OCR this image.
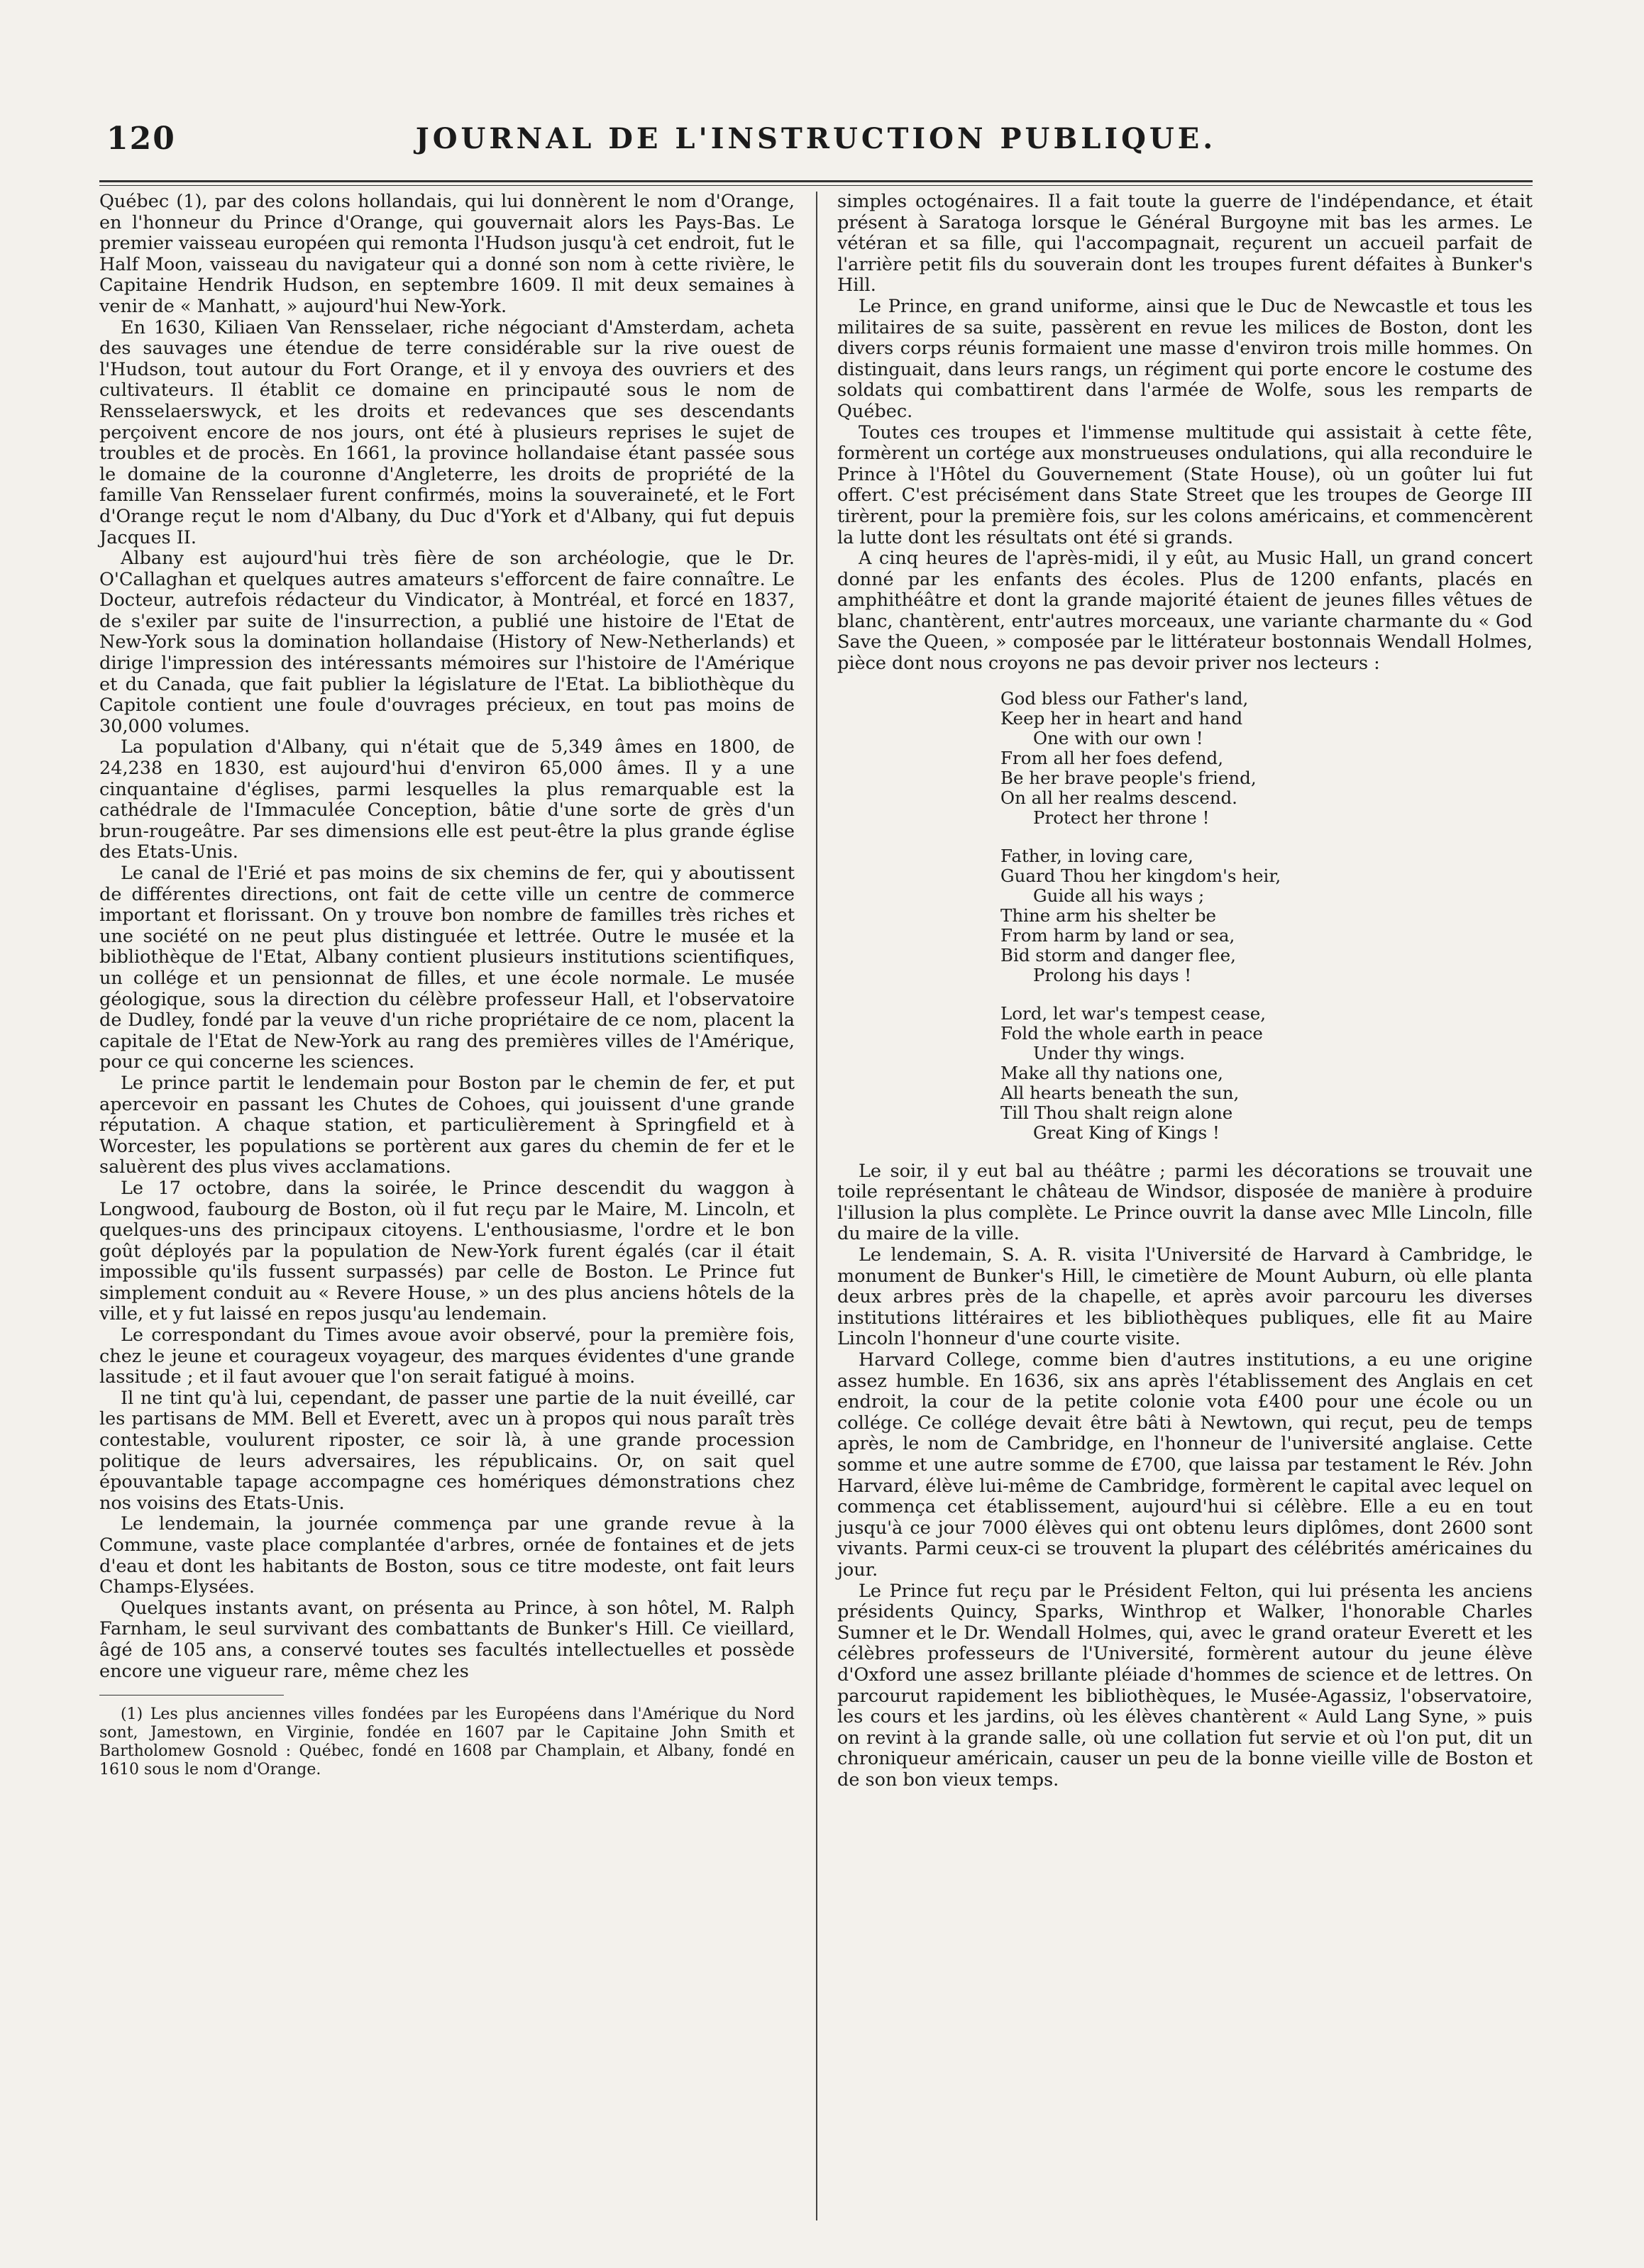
120	JOURNAL DE L'INSTRUCTION PUBLIQUE.

Québec (1), par des colons hollandais, qui lui donnèrent le nom d'Orange, en l'honneur du Prince d'Orange, qui gouvernait alors les Pays-Bas. Le premier vaisseau européen qui remonta l'Hudson jusqu'à cet endroit, fut le Half Moon, vaisseau du navigateur qui a donné son nom à cette rivière, le Capitaine Hendrik Hudson, en septembre 1609. Il mit deux semaines à venir de « Manhatt, » aujourd'hui New-York.

En 1630, Kiliaen Van Rensselaer, riche négociant d'Amsterdam, acheta des sauvages une étendue de terre considérable sur la rive ouest de l'Hudson, tout autour du Fort Orange, et il y envoya des ouvriers et des cultivateurs. Il établit ce domaine en principauté sous le nom de Rensselaerswyck, et les droits et redevances que ses descendants perçoivent encore de nos jours, ont été à plusieurs reprises le sujet de troubles et de procès. En 1661, la province hollandaise étant passée sous le domaine de la couronne d'Angleterre, les droits de propriété de la famille Van Rensselaer furent confirmés, moins la souveraineté, et le Fort d'Orange reçut le nom d'Albany, du Duc d'York et d'Albany, qui fut depuis Jacques II.

Albany est aujourd'hui très fière de son archéologie, que le Dr. O'Callaghan et quelques autres amateurs s'efforcent de faire connaître. Le Docteur, autrefois rédacteur du Vindicator, à Montréal, et forcé en 1837, de s'exiler par suite de l'insurrection, a publié une histoire de l'Etat de New-York sous la domination hollandaise (History of New-Netherlands) et dirige l'impression des intéressants mémoires sur l'histoire de l'Amérique et du Canada, que fait publier la législature de l'Etat. La bibliothèque du Capitole contient une foule d'ouvrages précieux, en tout pas moins de 30,000 volumes.

La population d'Albany, qui n'était que de 5,349 âmes en 1800, de 24,238 en 1830, est aujourd'hui d'environ 65,000 âmes. Il y a une cinquantaine d'églises, parmi lesquelles la plus remarquable est la cathédrale de l'Immaculée Conception, bâtie d'une sorte de grès d'un brun-rougeâtre. Par ses dimensions elle est peut-être la plus grande église des Etats-Unis.

Le canal de l'Erié et pas moins de six chemins de fer, qui y aboutissent de différentes directions, ont fait de cette ville un centre de commerce important et florissant. On y trouve bon nombre de familles très riches et une société on ne peut plus distinguée et lettrée. Outre le musée et la bibliothèque de l'Etat, Albany contient plusieurs institutions scientifiques, un collége et un pensionnat de filles, et une école normale. Le musée géologique, sous la direction du célèbre professeur Hall, et l'observatoire de Dudley, fondé par la veuve d'un riche propriétaire de ce nom, placent la capitale de l'Etat de New-York au rang des premières villes de l'Amérique, pour ce qui concerne les sciences.

Le prince partit le lendemain pour Boston par le chemin de fer, et put apercevoir en passant les Chutes de Cohoes, qui jouissent d'une grande réputation. A chaque station, et particulièrement à Springfield et à Worcester, les populations se portèrent aux gares du chemin de fer et le saluèrent des plus vives acclamations.

Le 17 octobre, dans la soirée, le Prince descendit du waggon à Longwood, faubourg de Boston, où il fut reçu par le Maire, M. Lincoln, et quelques-uns des principaux citoyens. L'enthousiasme, l'ordre et le bon goût déployés par la population de New-York furent égalés (car il était impossible qu'ils fussent surpassés) par celle de Boston. Le Prince fut simplement conduit au « Revere House, » un des plus anciens hôtels de la ville, et y fut laissé en repos jusqu'au lendemain.

Le correspondant du Times avoue avoir observé, pour la première fois, chez le jeune et courageux voyageur, des marques évidentes d'une grande lassitude ; et il faut avouer que l'on serait fatigué à moins.

Il ne tint qu'à lui, cependant, de passer une partie de la nuit éveillé, car les partisans de MM. Bell et Everett, avec un à propos qui nous paraît très contestable, voulurent riposter, ce soir là, à une grande procession politique de leurs adversaires, les républicains. Or, on sait quel épouvantable tapage accompagne ces homériques démonstrations chez nos voisins des Etats-Unis.

Le lendemain, la journée commença par une grande revue à la Commune, vaste place complantée d'arbres, ornée de fontaines et de jets d'eau et dont les habitants de Boston, sous ce titre modeste, ont fait leurs Champs-Elysées.

Quelques instants avant, on présenta au Prince, à son hôtel, M. Ralph Farnham, le seul survivant des combattants de Bunker's Hill. Ce vieillard, âgé de 105 ans, a conservé toutes ses facultés intellectuelles et possède encore une vigueur rare, même chez les

(1) Les plus anciennes villes fondées par les Européens dans l'Amérique du Nord sont, Jamestown, en Virginie, fondée en 1607 par le Capitaine John Smith et Bartholomew Gosnold : Québec, fondé en 1608 par Champlain, et Albany, fondé en 1610 sous le nom d'Orange.

simples octogénaires. Il a fait toute la guerre de l'indépendance, et était présent à Saratoga lorsque le Général Burgoyne mit bas les armes. Le vétéran et sa fille, qui l'accompagnait, reçurent un accueil parfait de l'arrière petit fils du souverain dont les troupes furent défaites à Bunker's Hill.

Le Prince, en grand uniforme, ainsi que le Duc de Newcastle et tous les militaires de sa suite, passèrent en revue les milices de Boston, dont les divers corps réunis formaient une masse d'environ trois mille hommes. On distinguait, dans leurs rangs, un régiment qui porte encore le costume des soldats qui combattirent dans l'armée de Wolfe, sous les remparts de Québec.

Toutes ces troupes et l'immense multitude qui assistait à cette fête, formèrent un cortége aux monstrueuses ondulations, qui alla reconduire le Prince à l'Hôtel du Gouvernement (State House), où un goûter lui fut offert. C'est précisément dans State Street que les troupes de George III tirèrent, pour la première fois, sur les colons américains, et commencèrent la lutte dont les résultats ont été si grands.

A cinq heures de l'après-midi, il y eût, au Music Hall, un grand concert donné par les enfants des écoles. Plus de 1200 enfants, placés en amphithéâtre et dont la grande majorité étaient de jeunes filles vêtues de blanc, chantèrent, entr'autres morceaux, une variante charmante du « God Save the Queen, » composée par le littérateur bostonnais Wendall Holmes, pièce dont nous croyons ne pas devoir priver nos lecteurs :

God bless our Father's land,
Keep her in heart and hand
One with our own !
From all her foes defend,
Be her brave people's friend,
On all her realms descend.
Protect her throne !
Father, in loving care,
Guard Thou her kingdom's heir,
Guide all his ways ;
Thine arm his shelter be
From harm by land or sea,
Bid storm and danger flee,
Prolong his days !
Lord, let war's tempest cease,
Fold the whole earth in peace
Under thy wings.
Make all thy nations one,
All hearts beneath the sun,
Till Thou shalt reign alone
Great King of Kings !

Le soir, il y eut bal au théâtre ; parmi les décorations se trouvait une toile représentant le château de Windsor, disposée de manière à produire l'illusion la plus complète. Le Prince ouvrit la danse avec Mlle Lincoln, fille du maire de la ville.

Le lendemain, S. A. R. visita l'Université de Harvard à Cambridge, le monument de Bunker's Hill, le cimetière de Mount Auburn, où elle planta deux arbres près de la chapelle, et après avoir parcouru les diverses institutions littéraires et les bibliothèques publiques, elle fit au Maire Lincoln l'honneur d'une courte visite.

Harvard College, comme bien d'autres institutions, a eu une origine assez humble. En 1636, six ans après l'établissement des Anglais en cet endroit, la cour de la petite colonie vota £400 pour une école ou un collége. Ce collége devait être bâti à Newtown, qui reçut, peu de temps après, le nom de Cambridge, en l'honneur de l'université anglaise. Cette somme et une autre somme de £700, que laissa par testament le Rév. John Harvard, élève lui-même de Cambridge, formèrent le capital avec lequel on commença cet établissement, aujourd'hui si célèbre. Elle a eu en tout jusqu'à ce jour 7000 élèves qui ont obtenu leurs diplômes, dont 2600 sont vivants. Parmi ceux-ci se trouvent la plupart des célébrités américaines du jour.

Le Prince fut reçu par le Président Felton, qui lui présenta les anciens présidents Quincy, Sparks, Winthrop et Walker, l'honorable Charles Sumner et le Dr. Wendall Holmes, qui, avec le grand orateur Everett et les célèbres professeurs de l'Université, formèrent autour du jeune élève d'Oxford une assez brillante pléiade d'hommes de science et de lettres. On parcourut rapidement les bibliothèques, le Musée-Agassiz, l'observatoire, les cours et les jardins, où les élèves chantèrent « Auld Lang Syne, » puis on revint à la grande salle, où une collation fut servie et où l'on put, dit un chroniqueur américain, causer un peu de la bonne vieille ville de Boston et de son bon vieux temps.
